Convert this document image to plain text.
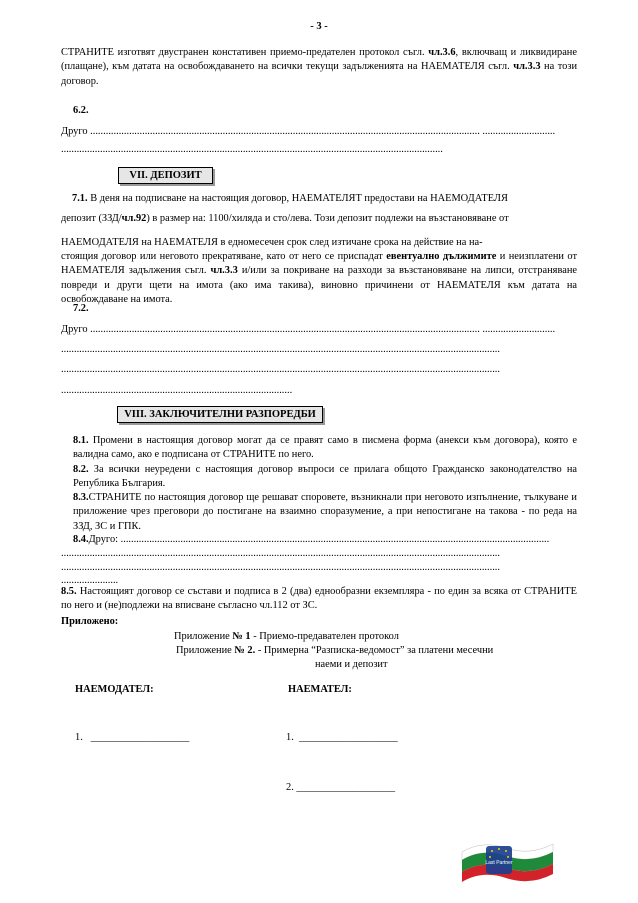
- 3 -
СТРАНИТЕ изготвят двустранен констативен приемо-предателен протокол съгл. чл.3.6, включващ и ликвидиране (плащане), към датата на освобождаването на всички текущи задълженията на НАЕМАТЕЛЯ съгл. чл.3.3 на този договор.
6.2.
Друго ...................................................................................................................................................... ............................
...................................................................................................................................................
VII. ДЕПОЗИТ
7.1. В деня на подписване на настоящия договор, НАЕМАТЕЛЯТ предостави на НАЕМОДАТЕЛЯ
депозит (ЗЗД/чл.92) в размер на: 1100/хиляда и сто/лева. Този депозит подлежи на възстановяване от
НАЕМОДАТЕЛЯ на НАЕМАТЕЛЯ в едномесечен срок след изтичане срока на действие на на-
стоящия договор или неговото прекратяване, като от него се приспадат евентуално дължимите и неизплатени от НАЕМАТЕЛЯ задължения съгл. чл.3.3 и/или за покриване на разходи за възстановяване на липси, отстраняване повреди и други щети на имота (ако има такива), виновно причинени от НАЕМАТЕЛЯ към датата на освобождаване на имота.
7.2.
Друго ...................................................................................................................................................... ............................
.........................................................................................................................................................................
.........................................................................................................................................................................
.........................................................................................
VIII. ЗАКЛЮЧИТЕЛНИ РАЗПОРЕДБИ
8.1. Промени в настоящия договор могат да се правят само в писмена форма (анекси към договора), която е валидна само, ако е подписана от СТРАНИТЕ по него.
8.2. За всички неуредени с настоящия договор въпроси се прилага общото Гражданско законодателство на Република България.
8.3.СТРАНИТЕ по настоящия договор ще решават споровете, възникнали при неговото изпълнение, тълкуване и приложение чрез преговори до постигане на взаимно споразумение, а при непостигане на такова - по реда на ЗЗД, ЗС и ГПК.
8.4.Друго: .....................................................................................................................................................................
.........................................................................................................................................................................
.........................................................................................................................................................................
......................
8.5. Настоящият договор се състави и подписа в 2 (два) еднообразни екземпляра - по един за всяка от СТРАНИТЕ по него и (не)подлежи на вписване съгласно чл.112 от ЗС.
Приложено:
Приложение № 1 - Приемо-предавателен протокол
Приложение № 2. - Примерна “Разписка-ведомост” за платени месечни
наеми и депозит
НАЕМОДАТЕЛ:	НАЕМАТЕЛ:
1.   ___________________	1.  ___________________
2. ___________________
Last Partner
